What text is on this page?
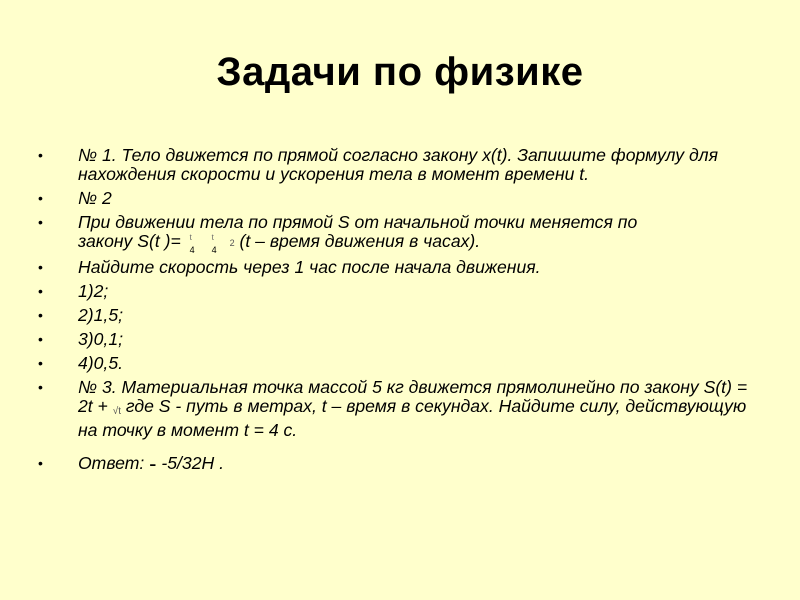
Задачи по физике
• № 1. Тело движется по прямой согласно закону x(t). Запишите формулу для нахождения скорости и ускорения тела в момент времени t.
• № 2
• При движении тела по прямой S от начальной точки меняется по
закону S(t )= t
4
t
4
2 (t – время движения в часах).
• Найдите скорость через 1 час после начала движения.
• 1)2;
• 2)1,5;
• 3)0,1;
• 4)0,5.
• № 3. Материальная точка массой 5 кг движется прямолинейно по закону S(t) = 2t + √t где S - путь в метрах, t – время в секундах. Найдите силу, действующую на точку в момент t = 4 с.
• Ответ: - -5/32Н .
